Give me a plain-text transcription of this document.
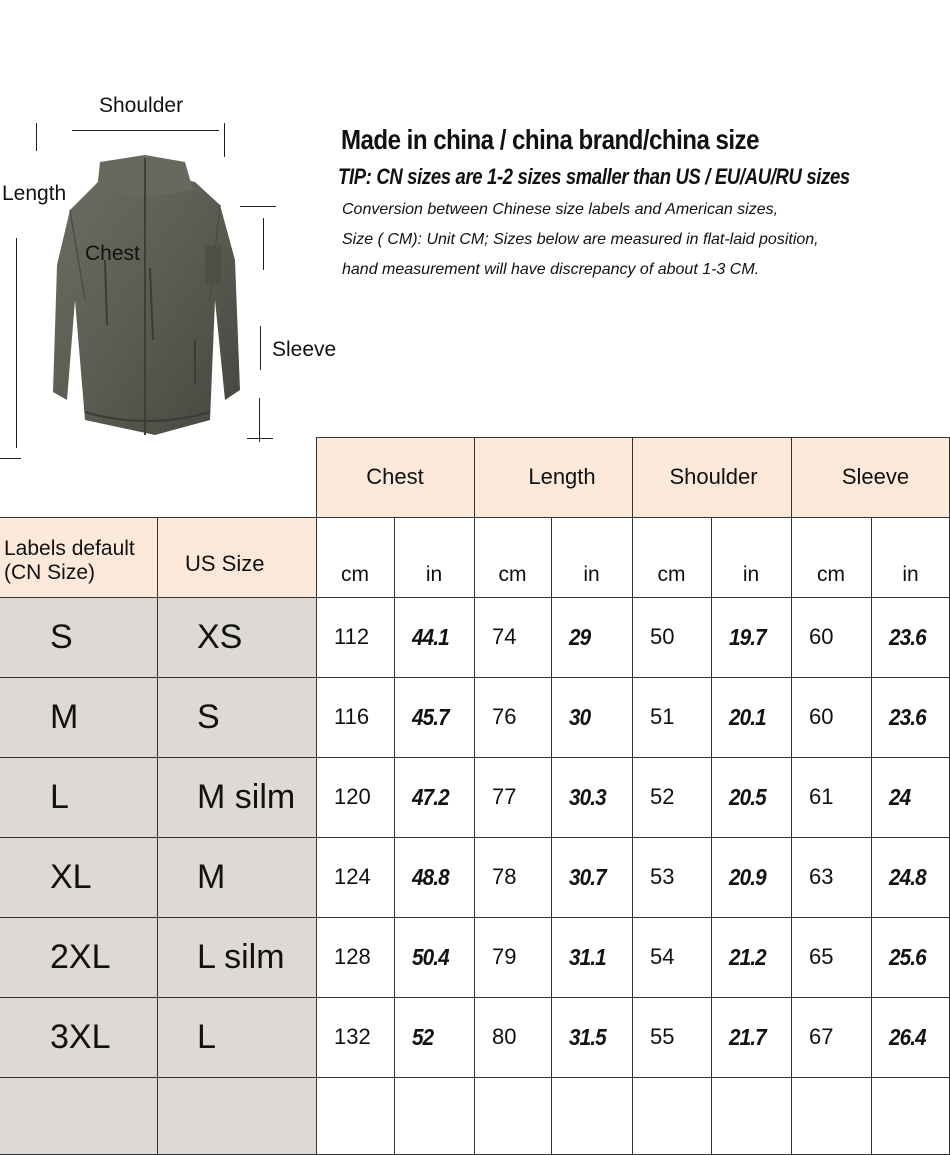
Shoulder
Length
Chest
Sleeve
Made in china / china brand/china size
TIP: CN sizes are 1-2 sizes smaller than US / EU/AU/RU sizes
Conversion between Chinese size labels and American sizes,
Size ( CM): Unit CM; Sizes below are measured in flat-laid position,
hand measurement will have discrepancy of about 1-3 CM.
Chest	Length	Shoulder	Sleeve
Labels default
(CN Size)	US Size	cm	in	cm	in	cm	in	cm	in
S	XS	112	44.1	74	29	50	19.7	60	23.6
M	S	116	45.7	76	30	51	20.1	60	23.6
L	M silm	120	47.2	77	30.3	52	20.5	61	24
XL	M	124	48.8	78	30.7	53	20.9	63	24.8
2XL	L silm	128	50.4	79	31.1	54	21.2	65	25.6
3XL	L	132	52	80	31.5	55	21.7	67	26.4
